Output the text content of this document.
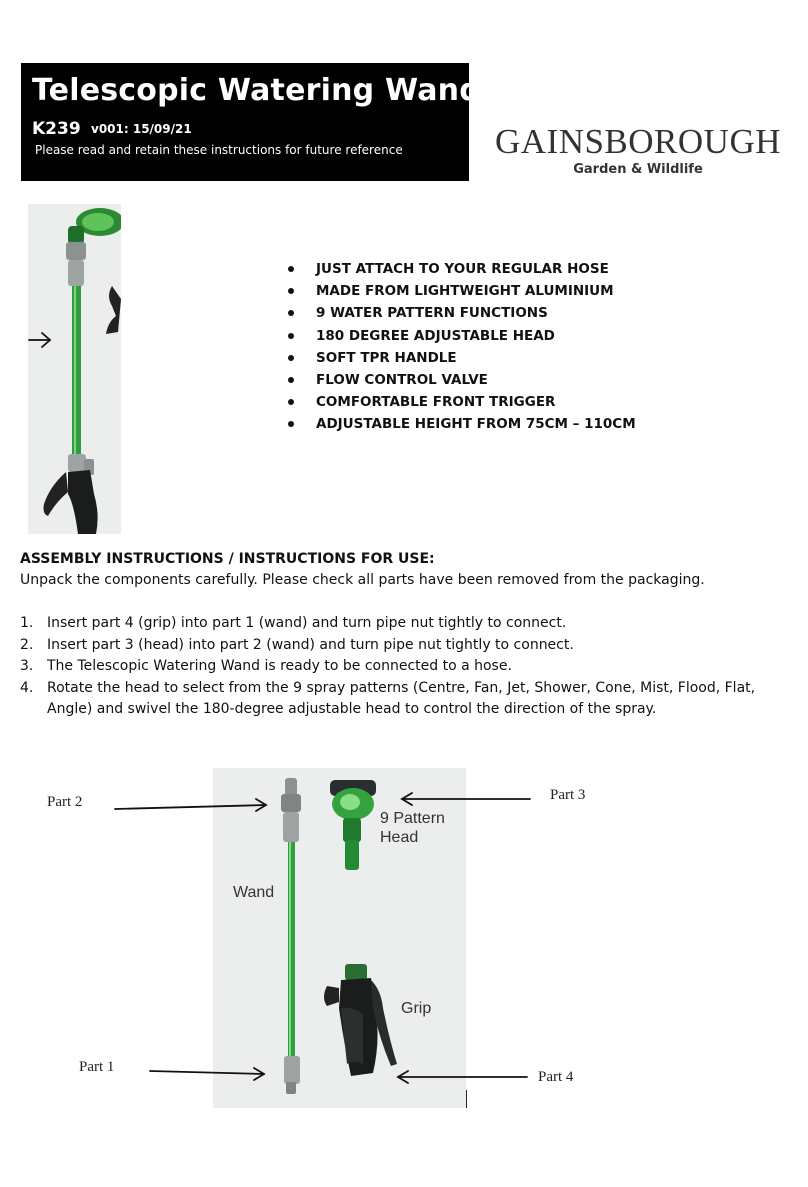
Telescopic Watering Wand
K239 v001: 15/09/21
Please read and retain these instructions for future reference	GAINSBOROUGH
Garden & Wildlife
JUST ATTACH TO YOUR REGULAR HOSE
MADE FROM LIGHTWEIGHT ALUMINIUM
9 WATER PATTERN FUNCTIONS
180 DEGREE ADJUSTABLE HEAD
SOFT TPR HANDLE
FLOW CONTROL VALVE
COMFORTABLE FRONT TRIGGER
ADJUSTABLE HEIGHT FROM 75CM – 110CM
ASSEMBLY INSTRUCTIONS / INSTRUCTIONS FOR USE:
Unpack the components carefully. Please check all parts have been removed from the packaging.
1. Insert part 4 (grip) into part 1 (wand) and turn pipe nut tightly to connect.
2. Insert part 3 (head) into part 2 (wand) and turn pipe nut tightly to connect.
3. The Telescopic Watering Wand is ready to be connected to a hose.
4. Rotate the head to select from the 9 spray patterns (Centre, Fan, Jet, Shower, Cone, Mist, Flood, Flat, Angle) and swivel the 180-degree adjustable head to control the direction of the spray.
Wand
9 Pattern
Head
Grip
Part 2	Part 3
Part 1
Part 4
